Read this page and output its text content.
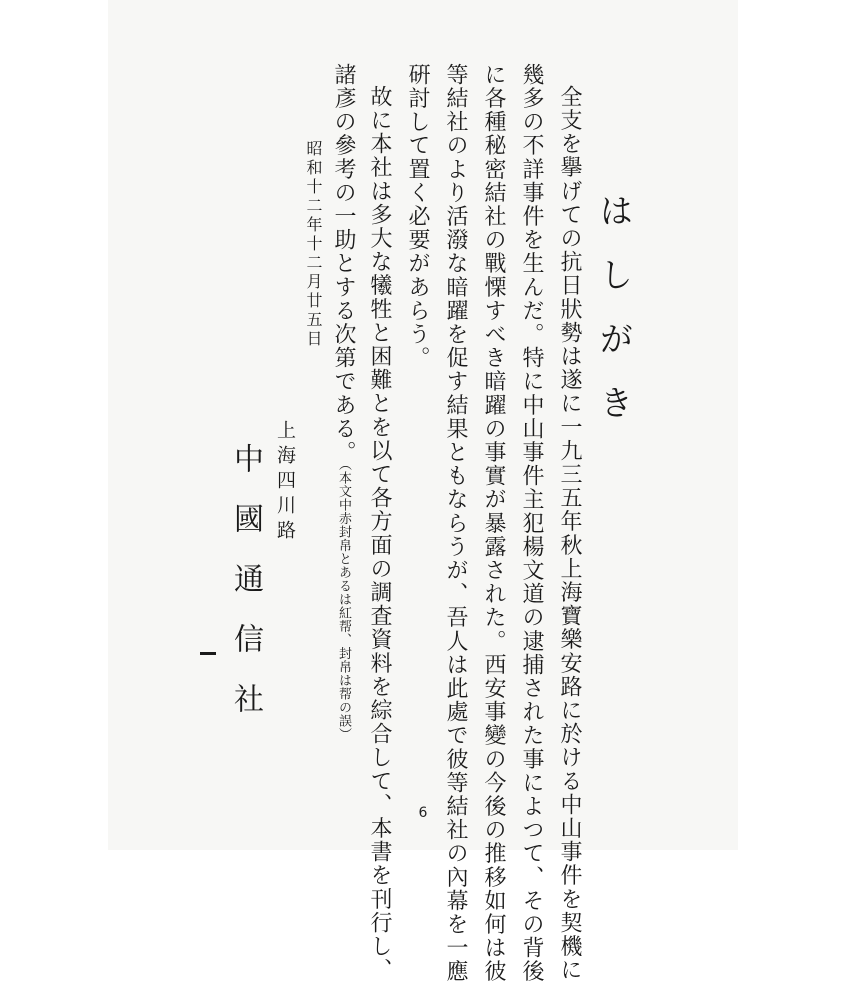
はしがき
全支を擧げての抗日狀勢は遂に一九三五年秋上海寶樂安路に於ける中山事件を契機に
幾多の不詳事件を生んだ。特に中山事件主犯楊文道の逮捕された事によつて、その背後
に各種秘密結社の戰慄すべき暗躍の事實が暴露された。西安事變の今後の推移如何は彼
等結社のより活潑な暗躍を促す結果ともならうが、吾人は此處で彼等結社の內幕を一應
硏討して置く必要があらう。
故に本社は多大な犧牲と困難とを以て各方面の調査資料を綜合して、本書を刊行し、
諸彥の參考の一助とする次第である。（本文中赤封帛とあるは紅帮、封帛は帮の誤）
昭和十二年十二月廿五日
上海四川路
中國通信社
6
